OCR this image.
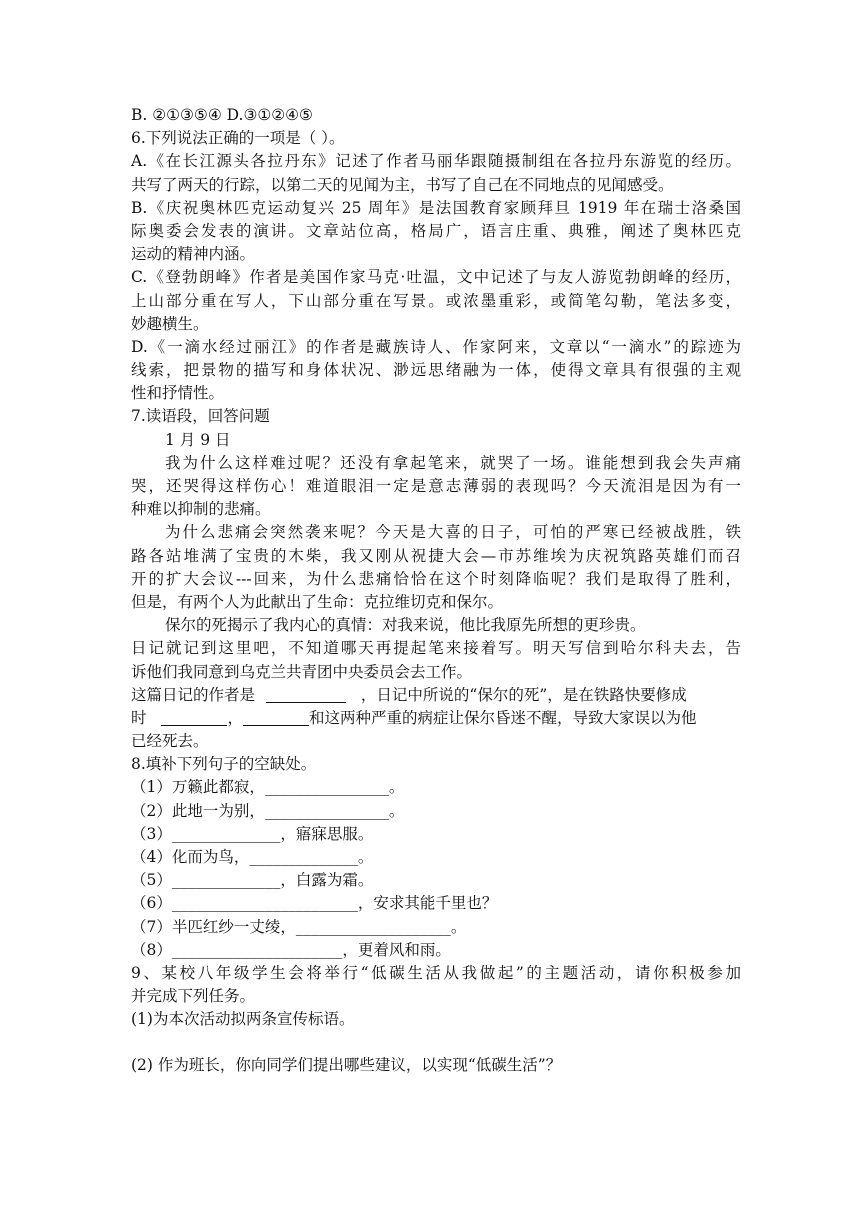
B. ②①③⑤④ D.③①②④⑤
6.下列说法正确的一项是（ ）。
A.《在长江源头各拉丹东》记述了作者马丽华跟随摄制组在各拉丹东游览的经历。
共写了两天的行踪，以第二天的见闻为主，书写了自己在不同地点的见闻感受。
B.《庆祝奥林匹克运动复兴 25 周年》是法国教育家顾拜旦 1919 年在瑞士洛桑国
际奥委会发表的演讲。文章站位高，格局广，语言庄重、典雅，阐述了奥林匹克
运动的精神内涵。
C.《登勃朗峰》作者是美国作家马克·吐温，文中记述了与友人游览勃朗峰的经历，
上山部分重在写人，下山部分重在写景。或浓墨重彩，或简笔勾勒，笔法多变，
妙趣横生。
D.《一滴水经过丽江》的作者是藏族诗人、作家阿来，文章以“一滴水”的踪迹为
线索，把景物的描写和身体状况、渺远思绪融为一体，使得文章具有很强的主观
性和抒情性。
7.读语段，回答问题
1 月 9 日
我为什么这样难过呢？还没有拿起笔来，就哭了一场。谁能想到我会失声痛
哭，还哭得这样伤心！难道眼泪一定是意志薄弱的表现吗？今天流泪是因为有一
种难以抑制的悲痛。
为什么悲痛会突然袭来呢？今天是大喜的日子，可怕的严寒已经被战胜，铁
路各站堆满了宝贵的木柴，我又刚从祝捷大会—市苏维埃为庆祝筑路英雄们而召
开的扩大会议---回来，为什么悲痛恰恰在这个时刻降临呢？我们是取得了胜利，
但是，有两个人为此献出了生命：克拉维切克和保尔。
保尔的死揭示了我内心的真情：对我来说，他比我原先所想的更珍贵。
日记就记到这里吧，不知道哪天再提起笔来接着写。明天写信到哈尔科夫去，告
诉他们我同意到乌克兰共青团中央委员会去工作。
这篇日记的作者是	，日记中所说的“保尔的死”，是在铁路快要修成
时	，	和这两种严重的病症让保尔昏迷不醒，导致大家误以为他
已经死去。
8.填补下列句子的空缺处。
（1）万籁此都寂，________________。
（2）此地一为别，________________。
（3）______________，寤寐思服。
（4）化而为鸟，______________。
（5）______________，白露为霜。
（6）________________________，安求其能千里也？
（7）半匹红纱一丈绫，____________________。
（8）______________________，更着风和雨。
9、某校八年级学生会将举行“低碳生活从我做起”的主题活动，请你积极参加
并完成下列任务。
(1)为本次活动拟两条宣传标语。
(2) 作为班长，你向同学们提出哪些建议，以实现“低碳生活”？
